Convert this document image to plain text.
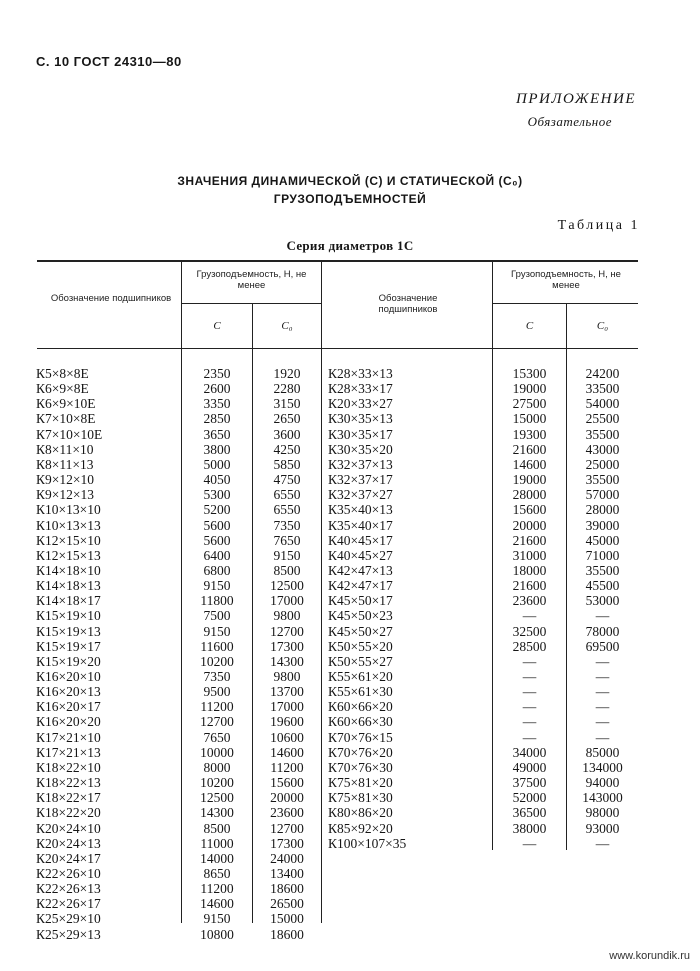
С. 10 ГОСТ 24310—80
ПРИЛОЖЕНИЕ
Обязательное
ЗНАЧЕНИЯ ДИНАМИЧЕСКОЙ (C) И СТАТИЧЕСКОЙ (C₀)
ГРУЗОПОДЪЕМНОСТЕЙ
Таблица 1
Серия диаметров 1С
Обозначение подшипников
Грузоподъемность, Н, не менее
C	C₀
Обозначение подшипников
Грузоподъемность, Н, не менее
C	C₀
К5×8×8Е	2350	1920
К6×9×8Е	2600	2280
К6×9×10Е	3350	3150
К7×10×8Е	2850	2650
К7×10×10Е	3650	3600
К8×11×10	3800	4250
К8×11×13	5000	5850
К9×12×10	4050	4750
К9×12×13	5300	6550
К10×13×10	5200	6550
К10×13×13	5600	7350
К12×15×10	5600	7650
К12×15×13	6400	9150
К14×18×10	6800	8500
К14×18×13	9150	12500
К14×18×17	11800	17000
К15×19×10	7500	9800
К15×19×13	9150	12700
К15×19×17	11600	17300
К15×19×20	10200	14300
К16×20×10	7350	9800
К16×20×13	9500	13700
К16×20×17	11200	17000
К16×20×20	12700	19600
К17×21×10	7650	10600
К17×21×13	10000	14600
К18×22×10	8000	11200
К18×22×13	10200	15600
К18×22×17	12500	20000
К18×22×20	14300	23600
К20×24×10	8500	12700
К20×24×13	11000	17300
К20×24×17	14000	24000
К22×26×10	8650	13400
К22×26×13	11200	18600
К22×26×17	14600	26500
К25×29×10	9150	15000
К25×29×13	10800	18600
К28×33×13	15300	24200
К28×33×17	19000	33500
К20×33×27	27500	54000
К30×35×13	15000	25500
К30×35×17	19300	35500
К30×35×20	21600	43000
К32×37×13	14600	25000
К32×37×17	19000	35500
К32×37×27	28000	57000
К35×40×13	15600	28000
К35×40×17	20000	39000
К40×45×17	21600	45000
К40×45×27	31000	71000
К42×47×13	18000	35500
К42×47×17	21600	45500
К45×50×17	23600	53000
К45×50×23	—	—
К45×50×27	32500	78000
К50×55×20	28500	69500
К50×55×27	—	—
К55×61×20	—	—
К55×61×30	—	—
К60×66×20	—	—
К60×66×30	—	—
К70×76×15	—	—
К70×76×20	34000	85000
К70×76×30	49000	134000
К75×81×20	37500	94000
К75×81×30	52000	143000
К80×86×20	36500	98000
К85×92×20	38000	93000
К100×107×35	—	—
www.korundik.ru
